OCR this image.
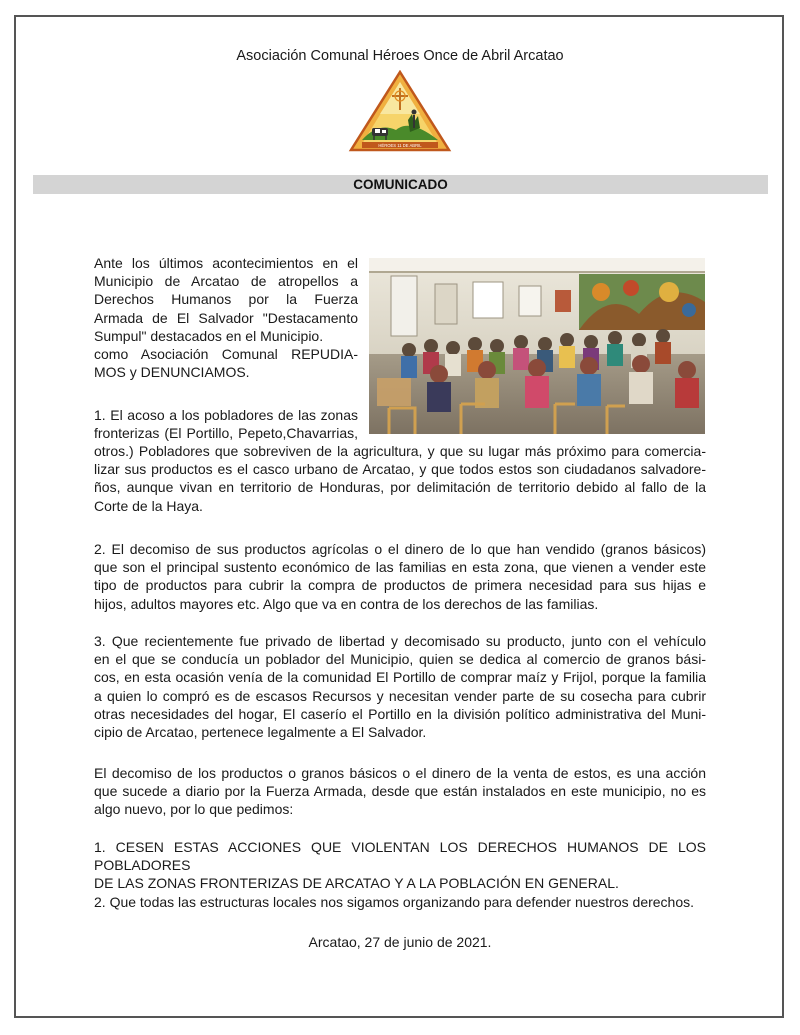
Asociación Comunal Héroes Once de Abril Arcatao
HÉROES 11 DE ABRIL
COMUNICADO
Ante los últimos acontecimientos en el
Municipio de Arcatao de atropellos a
Derechos Humanos por la Fuerza
Armada de El Salvador "Destacamento
Sumpul" destacados en el Municipio.
como Asociación Comunal REPUDIA-
MOS y DENUNCIAMOS.
1. El acoso a los pobladores de las zonas
fronterizas (El Portillo, Pepeto,Chavarrias,
otros.) Pobladores que sobreviven de la agricultura, y que su lugar más próximo para comercia-
lizar sus productos es el casco urbano de Arcatao, y que todos estos son ciudadanos salvadore-
ños, aunque vivan en territorio de Honduras, por delimitación de territorio debido al fallo de la
Corte de la Haya.
2. El decomiso de sus productos agrícolas o el dinero de lo que han vendido (granos básicos)
que son el principal sustento económico de las familias en esta zona, que vienen a vender este
tipo de productos para cubrir la compra de productos de primera necesidad para sus hijas e
hijos, adultos mayores etc. Algo que va en contra de los derechos de las familias.
3. Que recientemente fue privado de libertad y decomisado su producto, junto con el vehículo
en el que se conducía un poblador del Municipio, quien se dedica al comercio de granos bási-
cos, en esta ocasión venía de la comunidad El Portillo de comprar maíz y Frijol, porque la familia
a quien lo compró es de escasos Recursos y necesitan vender parte de su cosecha para cubrir
otras necesidades del hogar, El caserío el Portillo en la división político administrativa del Muni-
cipio de Arcatao, pertenece legalmente a El Salvador.
El decomiso de los productos o granos básicos o el dinero de la venta de estos, es una acción
que sucede a diario por la Fuerza Armada, desde que están instalados en este municipio, no es
algo nuevo, por lo que pedimos:
1. CESEN ESTAS ACCIONES QUE VIOLENTAN LOS DERECHOS HUMANOS DE LOS POBLADORES
DE LAS ZONAS FRONTERIZAS DE ARCATAO Y A LA POBLACIÓN EN GENERAL.
2. Que todas las estructuras locales nos sigamos organizando para defender nuestros derechos.
Arcatao, 27 de junio de 2021.
